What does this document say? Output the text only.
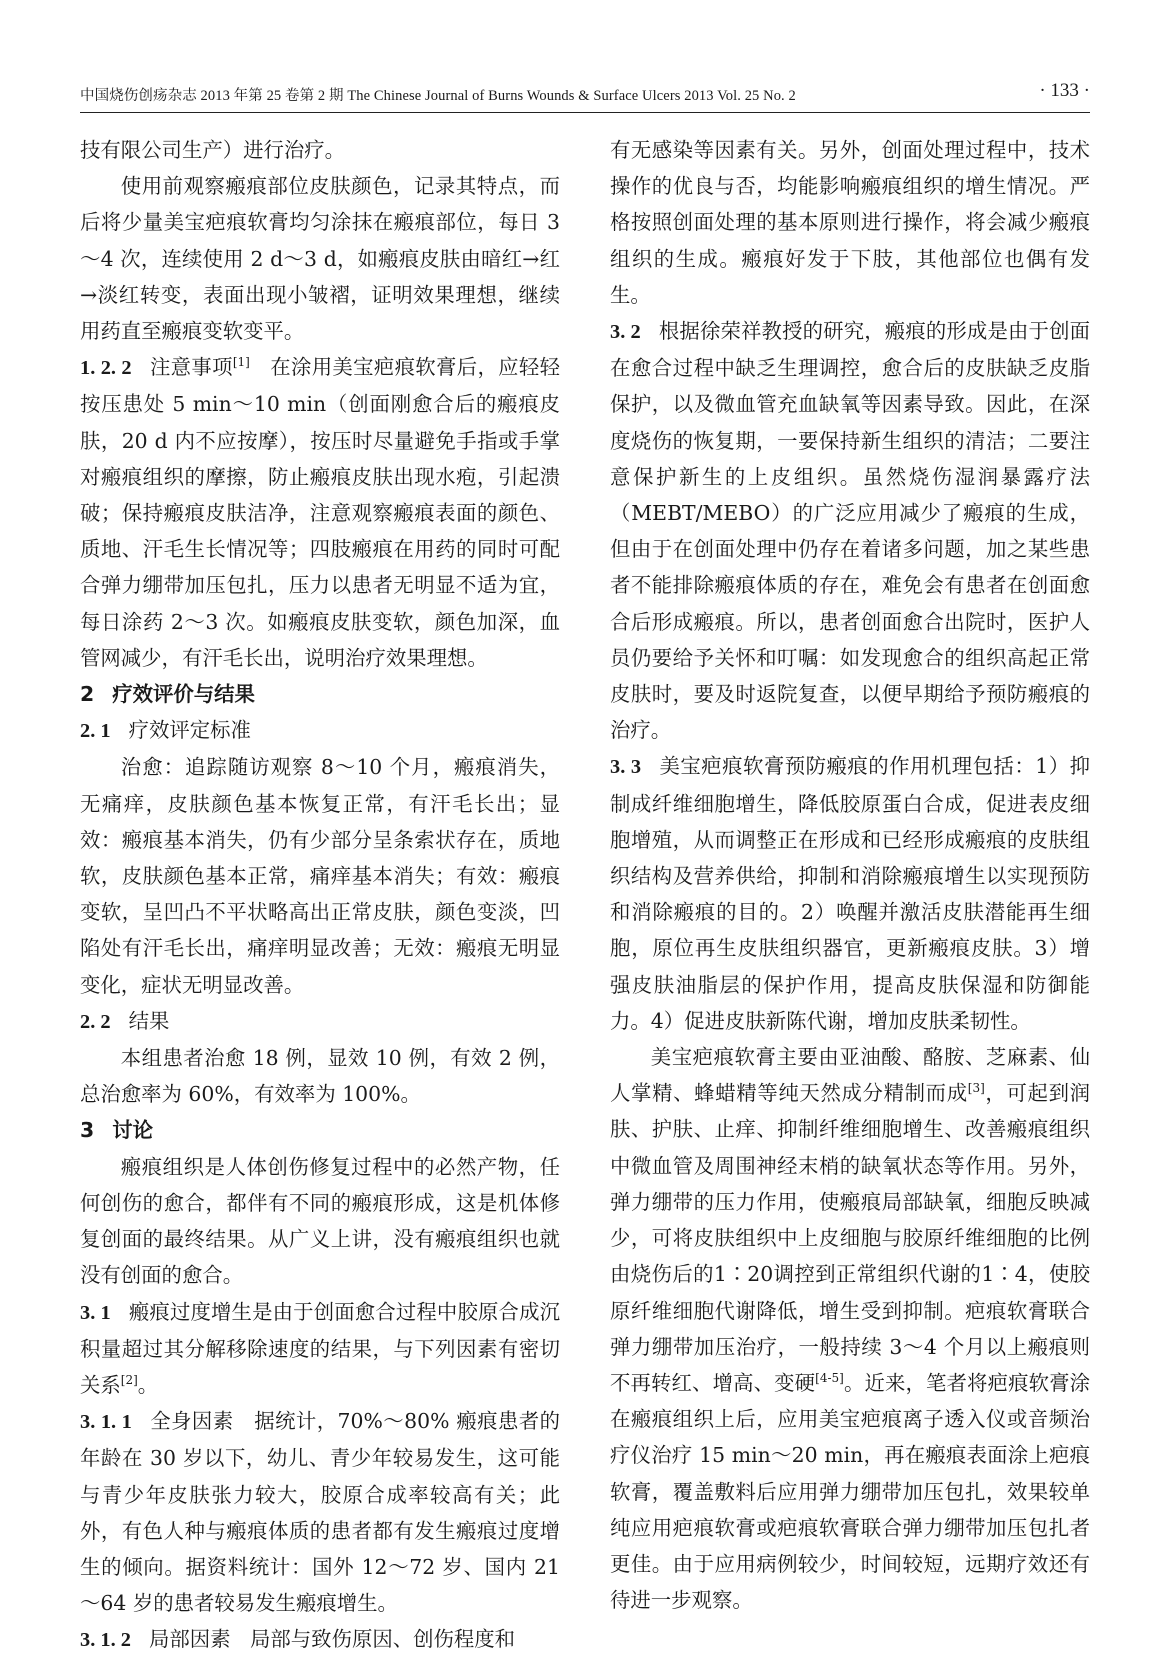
中国烧伤创疡杂志 2013 年第 25 卷第 2 期 The Chinese Journal of Burns Wounds & Surface Ulcers 2013 Vol. 25 No. 2	· 133 ·

技有限公司生产）进行治疗。

使用前观察瘢痕部位皮肤颜色，记录其特点，而后将少量美宝疤痕软膏均匀涂抹在瘢痕部位，每日 3～4 次，连续使用 2 d～3 d，如瘢痕皮肤由暗红→红→淡红转变，表面出现小皱褶，证明效果理想，继续用药直至瘢痕变软变平。

1. 2. 2 注意事项[1] 在涂用美宝疤痕软膏后，应轻轻按压患处 5 min～10 min（创面刚愈合后的瘢痕皮肤，20 d 内不应按摩），按压时尽量避免手指或手掌对瘢痕组织的摩擦，防止瘢痕皮肤出现水疱，引起溃破；保持瘢痕皮肤洁净，注意观察瘢痕表面的颜色、质地、汗毛生长情况等；四肢瘢痕在用药的同时可配合弹力绷带加压包扎，压力以患者无明显不适为宜，每日涂药 2～3 次。如瘢痕皮肤变软，颜色加深，血管网减少，有汗毛长出，说明治疗效果理想。

2 疗效评价与结果

2. 1 疗效评定标准

治愈：追踪随访观察 8～10 个月，瘢痕消失，无痛痒，皮肤颜色基本恢复正常，有汗毛长出；显效：瘢痕基本消失，仍有少部分呈条索状存在，质地软，皮肤颜色基本正常，痛痒基本消失；有效：瘢痕变软，呈凹凸不平状略高出正常皮肤，颜色变淡，凹陷处有汗毛长出，痛痒明显改善；无效：瘢痕无明显变化，症状无明显改善。

2. 2 结果

本组患者治愈 18 例，显效 10 例，有效 2 例，总治愈率为 60%，有效率为 100%。

3 讨论

瘢痕组织是人体创伤修复过程中的必然产物，任何创伤的愈合，都伴有不同的瘢痕形成，这是机体修复创面的最终结果。从广义上讲，没有瘢痕组织也就没有创面的愈合。

3. 1 瘢痕过度增生是由于创面愈合过程中胶原合成沉积量超过其分解移除速度的结果，与下列因素有密切关系[2]。

3. 1. 1 全身因素 据统计，70%～80% 瘢痕患者的年龄在 30 岁以下，幼儿、青少年较易发生，这可能与青少年皮肤张力较大，胶原合成率较高有关；此外，有色人种与瘢痕体质的患者都有发生瘢痕过度增生的倾向。据资料统计：国外 12～72 岁、国内 21～64 岁的患者较易发生瘢痕增生。

3. 1. 2 局部因素 局部与致伤原因、创伤程度和

有无感染等因素有关。另外，创面处理过程中，技术操作的优良与否，均能影响瘢痕组织的增生情况。严格按照创面处理的基本原则进行操作，将会减少瘢痕组织的生成。瘢痕好发于下肢，其他部位也偶有发生。

3. 2 根据徐荣祥教授的研究，瘢痕的形成是由于创面在愈合过程中缺乏生理调控，愈合后的皮肤缺乏皮脂保护，以及微血管充血缺氧等因素导致。因此，在深度烧伤的恢复期，一要保持新生组织的清洁；二要注意保护新生的上皮组织。虽然烧伤湿润暴露疗法（MEBT/MEBO）的广泛应用减少了瘢痕的生成，但由于在创面处理中仍存在着诸多问题，加之某些患者不能排除瘢痕体质的存在，难免会有患者在创面愈合后形成瘢痕。所以，患者创面愈合出院时，医护人员仍要给予关怀和叮嘱：如发现愈合的组织高起正常皮肤时，要及时返院复查，以便早期给予预防瘢痕的治疗。

3. 3 美宝疤痕软膏预防瘢痕的作用机理包括：1）抑制成纤维细胞增生，降低胶原蛋白合成，促进表皮细胞增殖，从而调整正在形成和已经形成瘢痕的皮肤组织结构及营养供给，抑制和消除瘢痕增生以实现预防和消除瘢痕的目的。2）唤醒并激活皮肤潜能再生细胞，原位再生皮肤组织器官，更新瘢痕皮肤。3）增强皮肤油脂层的保护作用，提高皮肤保湿和防御能力。4）促进皮肤新陈代谢，增加皮肤柔韧性。

美宝疤痕软膏主要由亚油酸、酪胺、芝麻素、仙人掌精、蜂蜡精等纯天然成分精制而成[3]，可起到润肤、护肤、止痒、抑制纤维细胞增生、改善瘢痕组织中微血管及周围神经末梢的缺氧状态等作用。另外，弹力绷带的压力作用，使瘢痕局部缺氧，细胞反映减少，可将皮肤组织中上皮细胞与胶原纤维细胞的比例由烧伤后的1∶20调控到正常组织代谢的1∶4，使胶原纤维细胞代谢降低，增生受到抑制。疤痕软膏联合弹力绷带加压治疗，一般持续 3～4 个月以上瘢痕则不再转红、增高、变硬[4-5]。近来，笔者将疤痕软膏涂在瘢痕组织上后，应用美宝疤痕离子透入仪或音频治疗仪治疗 15 min～20 min，再在瘢痕表面涂上疤痕软膏，覆盖敷料后应用弹力绷带加压包扎，效果较单纯应用疤痕软膏或疤痕软膏联合弹力绷带加压包扎者更佳。由于应用病例较少，时间较短，远期疗效还有待进一步观察。
